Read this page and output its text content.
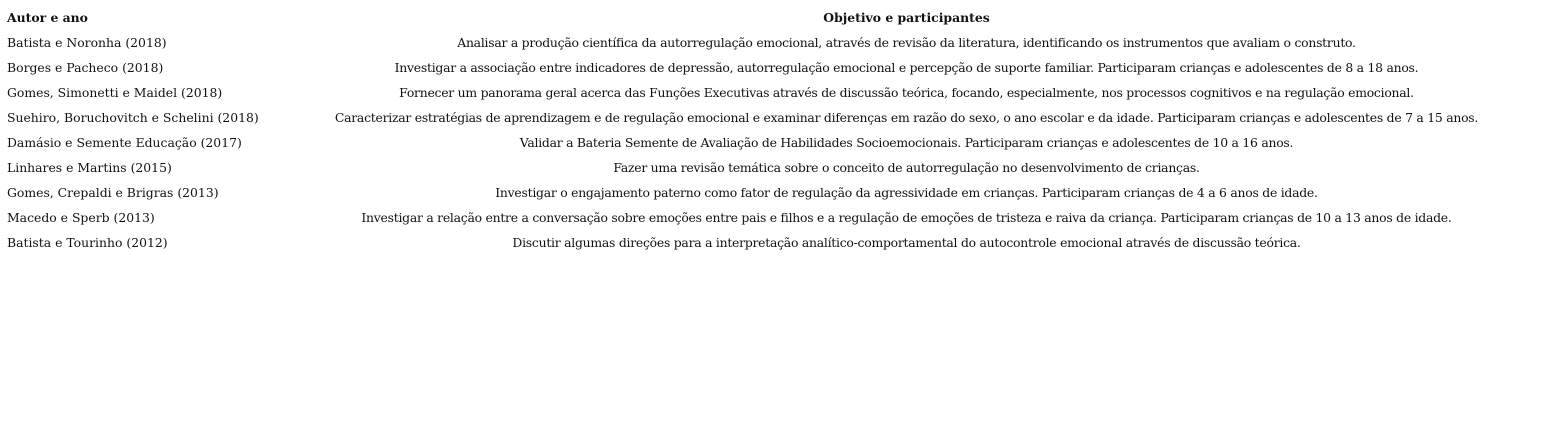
Autor e ano	Objetivo e participantes
Batista e Noronha (2018)	Analisar a produção científica da autorregulação emocional, através de revisão da literatura, identificando os instrumentos que avaliam o construto.
Borges e Pacheco (2018)	Investigar a associação entre indicadores de depressão, autorregulação emocional e percepção de suporte familiar. Participaram crianças e adolescentes de 8 a 18 anos.
Gomes, Simonetti e Maidel (2018)	Fornecer um panorama geral acerca das Funções Executivas através de discussão teórica, focando, especialmente, nos processos cognitivos e na regulação emocional.
Suehiro, Boruchovitch e Schelini (2018)	Caracterizar estratégias de aprendizagem e de regulação emocional e examinar diferenças em razão do sexo, o ano escolar e da idade. Participaram crianças e adolescentes de 7 a 15 anos.
Damásio e Semente Educação (2017)	Validar a Bateria Semente de Avaliação de Habilidades Socioemocionais. Participaram crianças e adolescentes de 10 a 16 anos.
Linhares e Martins (2015)	Fazer uma revisão temática sobre o conceito de autorregulação no desenvolvimento de crianças.
Gomes, Crepaldi e Brigras (2013)	Investigar o engajamento paterno como fator de regulação da agressividade em crianças. Participaram crianças de 4 a 6 anos de idade.
Macedo e Sperb (2013)	Investigar a relação entre a conversação sobre emoções entre pais e filhos e a regulação de emoções de tristeza e raiva da criança. Participaram crianças de 10 a 13 anos de idade.
Batista e Tourinho (2012)	Discutir algumas direções para a interpretação analítico-comportamental do autocontrole emocional através de discussão teórica.
